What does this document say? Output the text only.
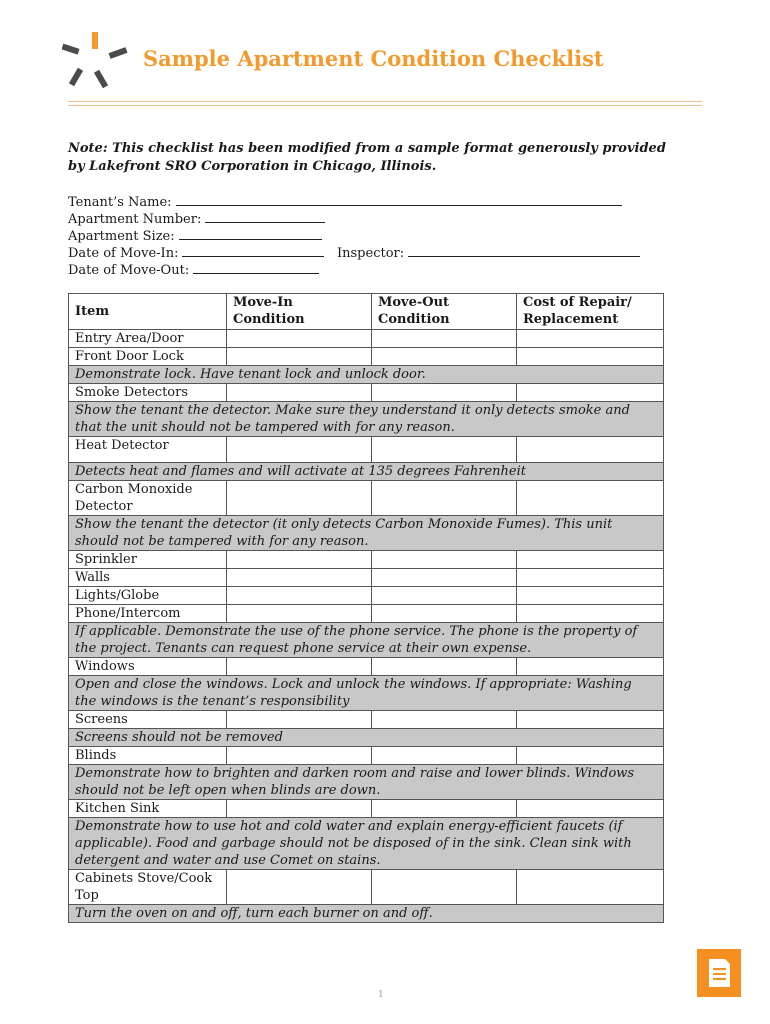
Sample Apartment Condition Checklist
Note: This checklist has been modified from a sample format generously provided by Lakefront SRO Corporation in Chicago, Illinois.
Tenant’s Name:
Apartment Number:
Apartment Size:
Date of Move-In:	Inspector:
Date of Move-Out:
Item	Move-In Condition	Move-Out Condition	Cost of Repair/ Replacement
Entry Area/Door			
Front Door Lock			
Demonstrate lock. Have tenant lock and unlock door.			
Smoke Detectors			
Show the tenant the detector. Make sure they understand it only detects smoke and that the unit should not be tampered with for any reason.			
Heat Detector			
Detects heat and flames and will activate at 135 degrees Fahrenheit			
Carbon Monoxide Detector			
Show the tenant the detector (it only detects Carbon Monoxide Fumes). This unit should not be tampered with for any reason.			
Sprinkler			
Walls			
Lights/Globe			
Phone/Intercom			
If applicable. Demonstrate the use of the phone service. The phone is the property of the project. Tenants can request phone service at their own expense.			
Windows			
Open and close the windows. Lock and unlock the windows. If appropriate: Washing the windows is the tenant’s responsibility			
Screens			
Screens should not be removed			
Blinds			
Demonstrate how to brighten and darken room and raise and lower blinds. Windows should not be left open when blinds are down.			
Kitchen Sink			
Demonstrate how to use hot and cold water and explain energy-efficient faucets (if applicable). Food and garbage should not be disposed of in the sink. Clean sink with detergent and water and use Comet on stains.			
Cabinets Stove/Cook Top			
Turn the oven on and off, turn each burner on and off.			
1
